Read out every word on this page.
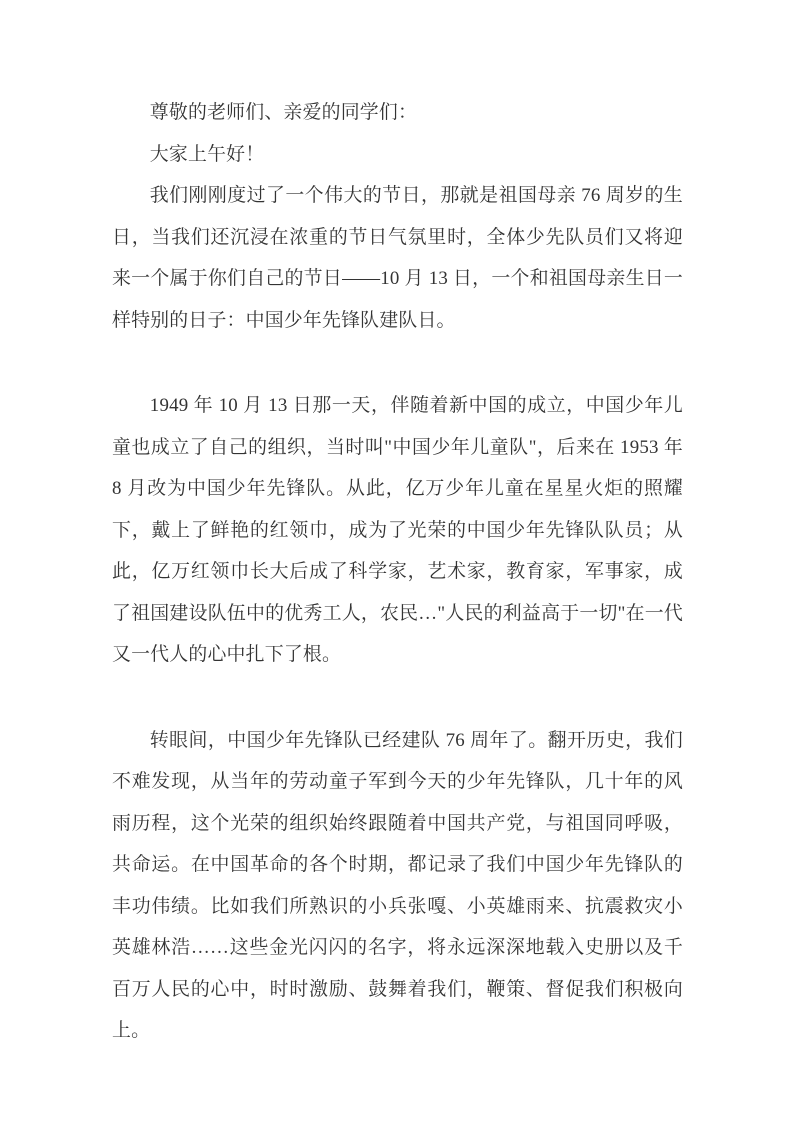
尊敬的老师们、亲爱的同学们：

大家上午好！

我们刚刚度过了一个伟大的节日，那就是祖国母亲 76 周岁的生日，当我们还沉浸在浓重的节日气氛里时，全体少先队员们又将迎来一个属于你们自己的节日——10 月 13 日，一个和祖国母亲生日一样特别的日子：中国少年先锋队建队日。

1949 年 10 月 13 日那一天，伴随着新中国的成立，中国少年儿童也成立了自己的组织，当时叫"中国少年儿童队"，后来在 1953 年 8 月改为中国少年先锋队。从此，亿万少年儿童在星星火炬的照耀下，戴上了鲜艳的红领巾，成为了光荣的中国少年先锋队队员；从此，亿万红领巾长大后成了科学家，艺术家，教育家，军事家，成了祖国建设队伍中的优秀工人，农民…"人民的利益高于一切"在一代又一代人的心中扎下了根。

转眼间，中国少年先锋队已经建队 76 周年了。翻开历史，我们不难发现，从当年的劳动童子军到今天的少年先锋队，几十年的风雨历程，这个光荣的组织始终跟随着中国共产党，与祖国同呼吸，共命运。在中国革命的各个时期，都记录了我们中国少年先锋队的丰功伟绩。比如我们所熟识的小兵张嘎、小英雄雨来、抗震救灾小英雄林浩……这些金光闪闪的名字，将永远深深地载入史册以及千百万人民的心中，时时激励、鼓舞着我们，鞭策、督促我们积极向上。
